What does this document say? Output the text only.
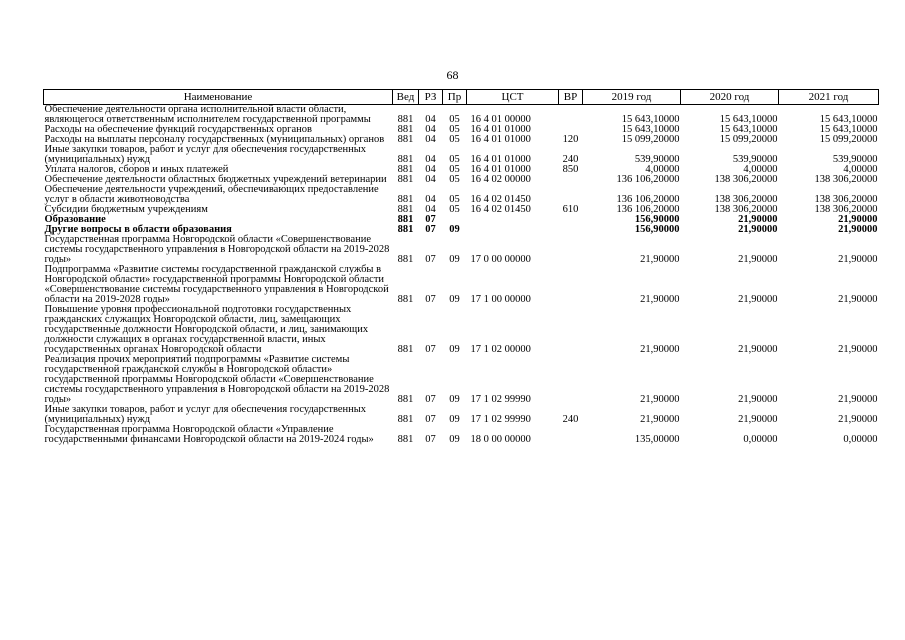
68
Наименование	Вед	РЗ	Пр	ЦСТ	ВР	2019 год	2020 год	2021 год
Обеспечение деятельности органа исполнительной власти области, являющегося ответственным исполнителем государственной программы	881	04	05	16 4 01 00000		15 643,10000	15 643,10000	15 643,10000
Расходы на обеспечение функций государственных органов	881	04	05	16 4 01 01000		15 643,10000	15 643,10000	15 643,10000
Расходы на выплаты персоналу государственных (муниципальных) органов	881	04	05	16 4 01 01000	120	15 099,20000	15 099,20000	15 099,20000
Иные закупки товаров, работ и услуг для обеспечения государственных (муниципальных) нужд	881	04	05	16 4 01 01000	240	539,90000	539,90000	539,90000
Уплата налогов, сборов и иных платежей	881	04	05	16 4 01 01000	850	4,00000	4,00000	4,00000
Обеспечение деятельности областных бюджетных учреждений ветеринарии	881	04	05	16 4 02 00000		136 106,20000	138 306,20000	138 306,20000
Обеспечение деятельности учреждений, обеспечивающих предоставление услуг в области животноводства	881	04	05	16 4 02 01450		136 106,20000	138 306,20000	138 306,20000
Субсидии бюджетным учреждениям	881	04	05	16 4 02 01450	610	136 106,20000	138 306,20000	138 306,20000
Образование	881	07				156,90000	21,90000	21,90000
Другие вопросы в области образования	881	07	09			156,90000	21,90000	21,90000
Государственная программа Новгородской области «Совершенствование системы государственного управления в Новгородской области на 2019-2028 годы»	881	07	09	17 0 00 00000		21,90000	21,90000	21,90000
Подпрограмма «Развитие системы государственной гражданской службы в Новгородской области» государственной программы Новгородской области «Совершенствование системы государственного управления в Новгородской области на 2019-2028 годы»	881	07	09	17 1 00 00000		21,90000	21,90000	21,90000
Повышение уровня профессиональной подготовки государственных гражданских служащих Новгородской области, лиц, замещающих государственные должности Новгородской области, и лиц, занимающих должности служащих в органах государственной власти, иных государственных органах Новгородской области	881	07	09	17 1 02 00000		21,90000	21,90000	21,90000
Реализация прочих мероприятий подпрограммы «Развитие системы государственной гражданской службы в Новгородской области» государственной программы Новгородской области «Совершенствование системы государственного управления в Новгородской области на 2019-2028 годы»	881	07	09	17 1 02 99990		21,90000	21,90000	21,90000
Иные закупки товаров, работ и услуг для обеспечения государственных (муниципальных) нужд	881	07	09	17 1 02 99990	240	21,90000	21,90000	21,90000
Государственная программа Новгородской области «Управление государственными финансами Новгородской области на 2019-2024 годы»	881	07	09	18 0 00 00000		135,00000	0,00000	0,00000
